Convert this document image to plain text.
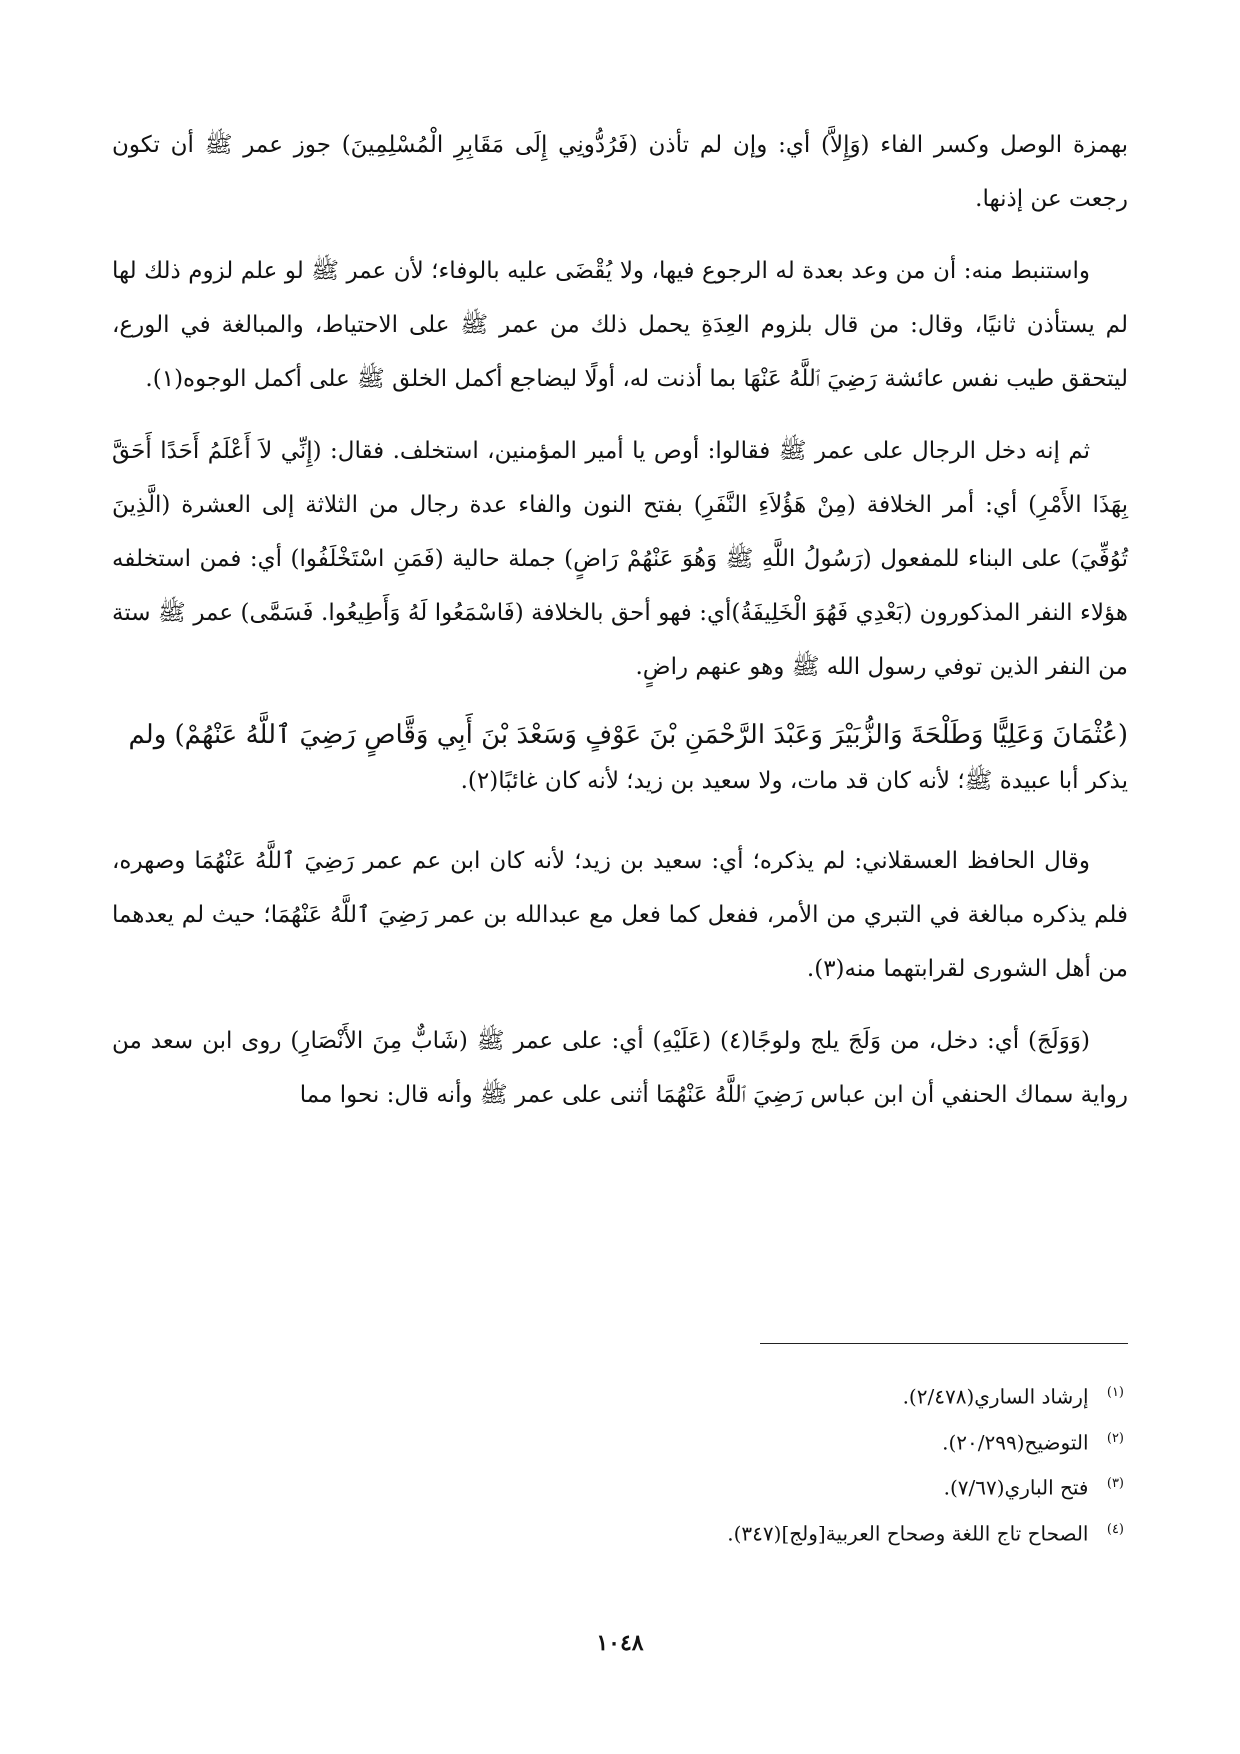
بهمزة الوصل وكسر الفاء (وَإِلاَّ) أي: وإن لم تأذن (فَرُدُّونِي إِلَى مَقَابِرِ الْمُسْلِمِينَ) جوز عمر ﷺ أن تكون رجعت عن إذنها.

واستنبط منه: أن من وعد بعدة له الرجوع فيها، ولا يُقْضَى عليه بالوفاء؛ لأن عمر ﷺ لو علم لزوم ذلك لها لم يستأذن ثانيًا، وقال: من قال بلزوم العِدَةِ يحمل ذلك من عمر ﷺ على الاحتياط، والمبالغة في الورع، ليتحقق طيب نفس عائشة رَضِيَ ٱللَّهُ عَنْهَا بما أذنت له، أولًا ليضاجع أكمل الخلق ﷺ على أكمل الوجوه(١).

ثم إنه دخل الرجال على عمر ﷺ فقالوا: أوص يا أمير المؤمنين، استخلف. فقال: (إِنِّي لاَ أَعْلَمُ أَحَدًا أَحَقَّ بِهَذَا الأَمْرِ) أي: أمر الخلافة (مِنْ هَؤُلاَءِ النَّفَرِ) بفتح النون والفاء عدة رجال من الثلاثة إلى العشرة (الَّذِينَ تُوُفِّيَ) على البناء للمفعول (رَسُولُ اللَّهِ ﷺ وَهُوَ عَنْهُمْ رَاضٍ) جملة حالية (فَمَنِ اسْتَخْلَفُوا) أي: فمن استخلفه هؤلاء النفر المذكورون (بَعْدِي فَهُوَ الْخَلِيفَةُ)أي: فهو أحق بالخلافة (فَاسْمَعُوا لَهُ وَأَطِيعُوا. فَسَمَّى) عمر ﷺ ستة من النفر الذين توفي رسول الله ﷺ وهو عنهم راضٍ.

(عُثْمَانَ وَعَلِيًّا وَطَلْحَةَ وَالزُّبَيْرَ وَعَبْدَ الرَّحْمَنِ بْنَ عَوْفٍ وَسَعْدَ بْنَ أَبِي وَقَّاصٍ رَضِيَ ٱللَّهُ عَنْهُمْ) ولم

يذكر أبا عبيدة ﷺ؛ لأنه كان قد مات، ولا سعيد بن زيد؛ لأنه كان غائبًا(٢).

وقال الحافظ العسقلاني: لم يذكره؛ أي: سعيد بن زيد؛ لأنه كان ابن عم عمر رَضِيَ ٱللَّهُ عَنْهُمَا وصهره، فلم يذكره مبالغة في التبري من الأمر، ففعل كما فعل مع عبدالله بن عمر رَضِيَ ٱللَّهُ عَنْهُمَا؛ حيث لم يعدهما من أهل الشورى لقرابتهما منه(٣).

(وَوَلَجَ) أي: دخل، من وَلَجَ يلج ولوجًا(٤) (عَلَيْهِ) أي: على عمر ﷺ (شَابٌّ مِنَ الأَنْصَارِ) روى ابن سعد من رواية سماك الحنفي أن ابن عباس رَضِيَ ٱللَّهُ عَنْهُمَا أثنى على عمر ﷺ وأنه قال: نحوا مما

$^{(١)}$ إرشاد الساري(٢/٤٧٨).

$^{(٢)}$ التوضيح(٢٠/٢٩٩).

$^{(٣)}$ فتح الباري(٧/٦٧).

$^{(٤)}$ الصحاح تاج اللغة وصحاح العربية[ولج](٣٤٧).

١٠٤٨
